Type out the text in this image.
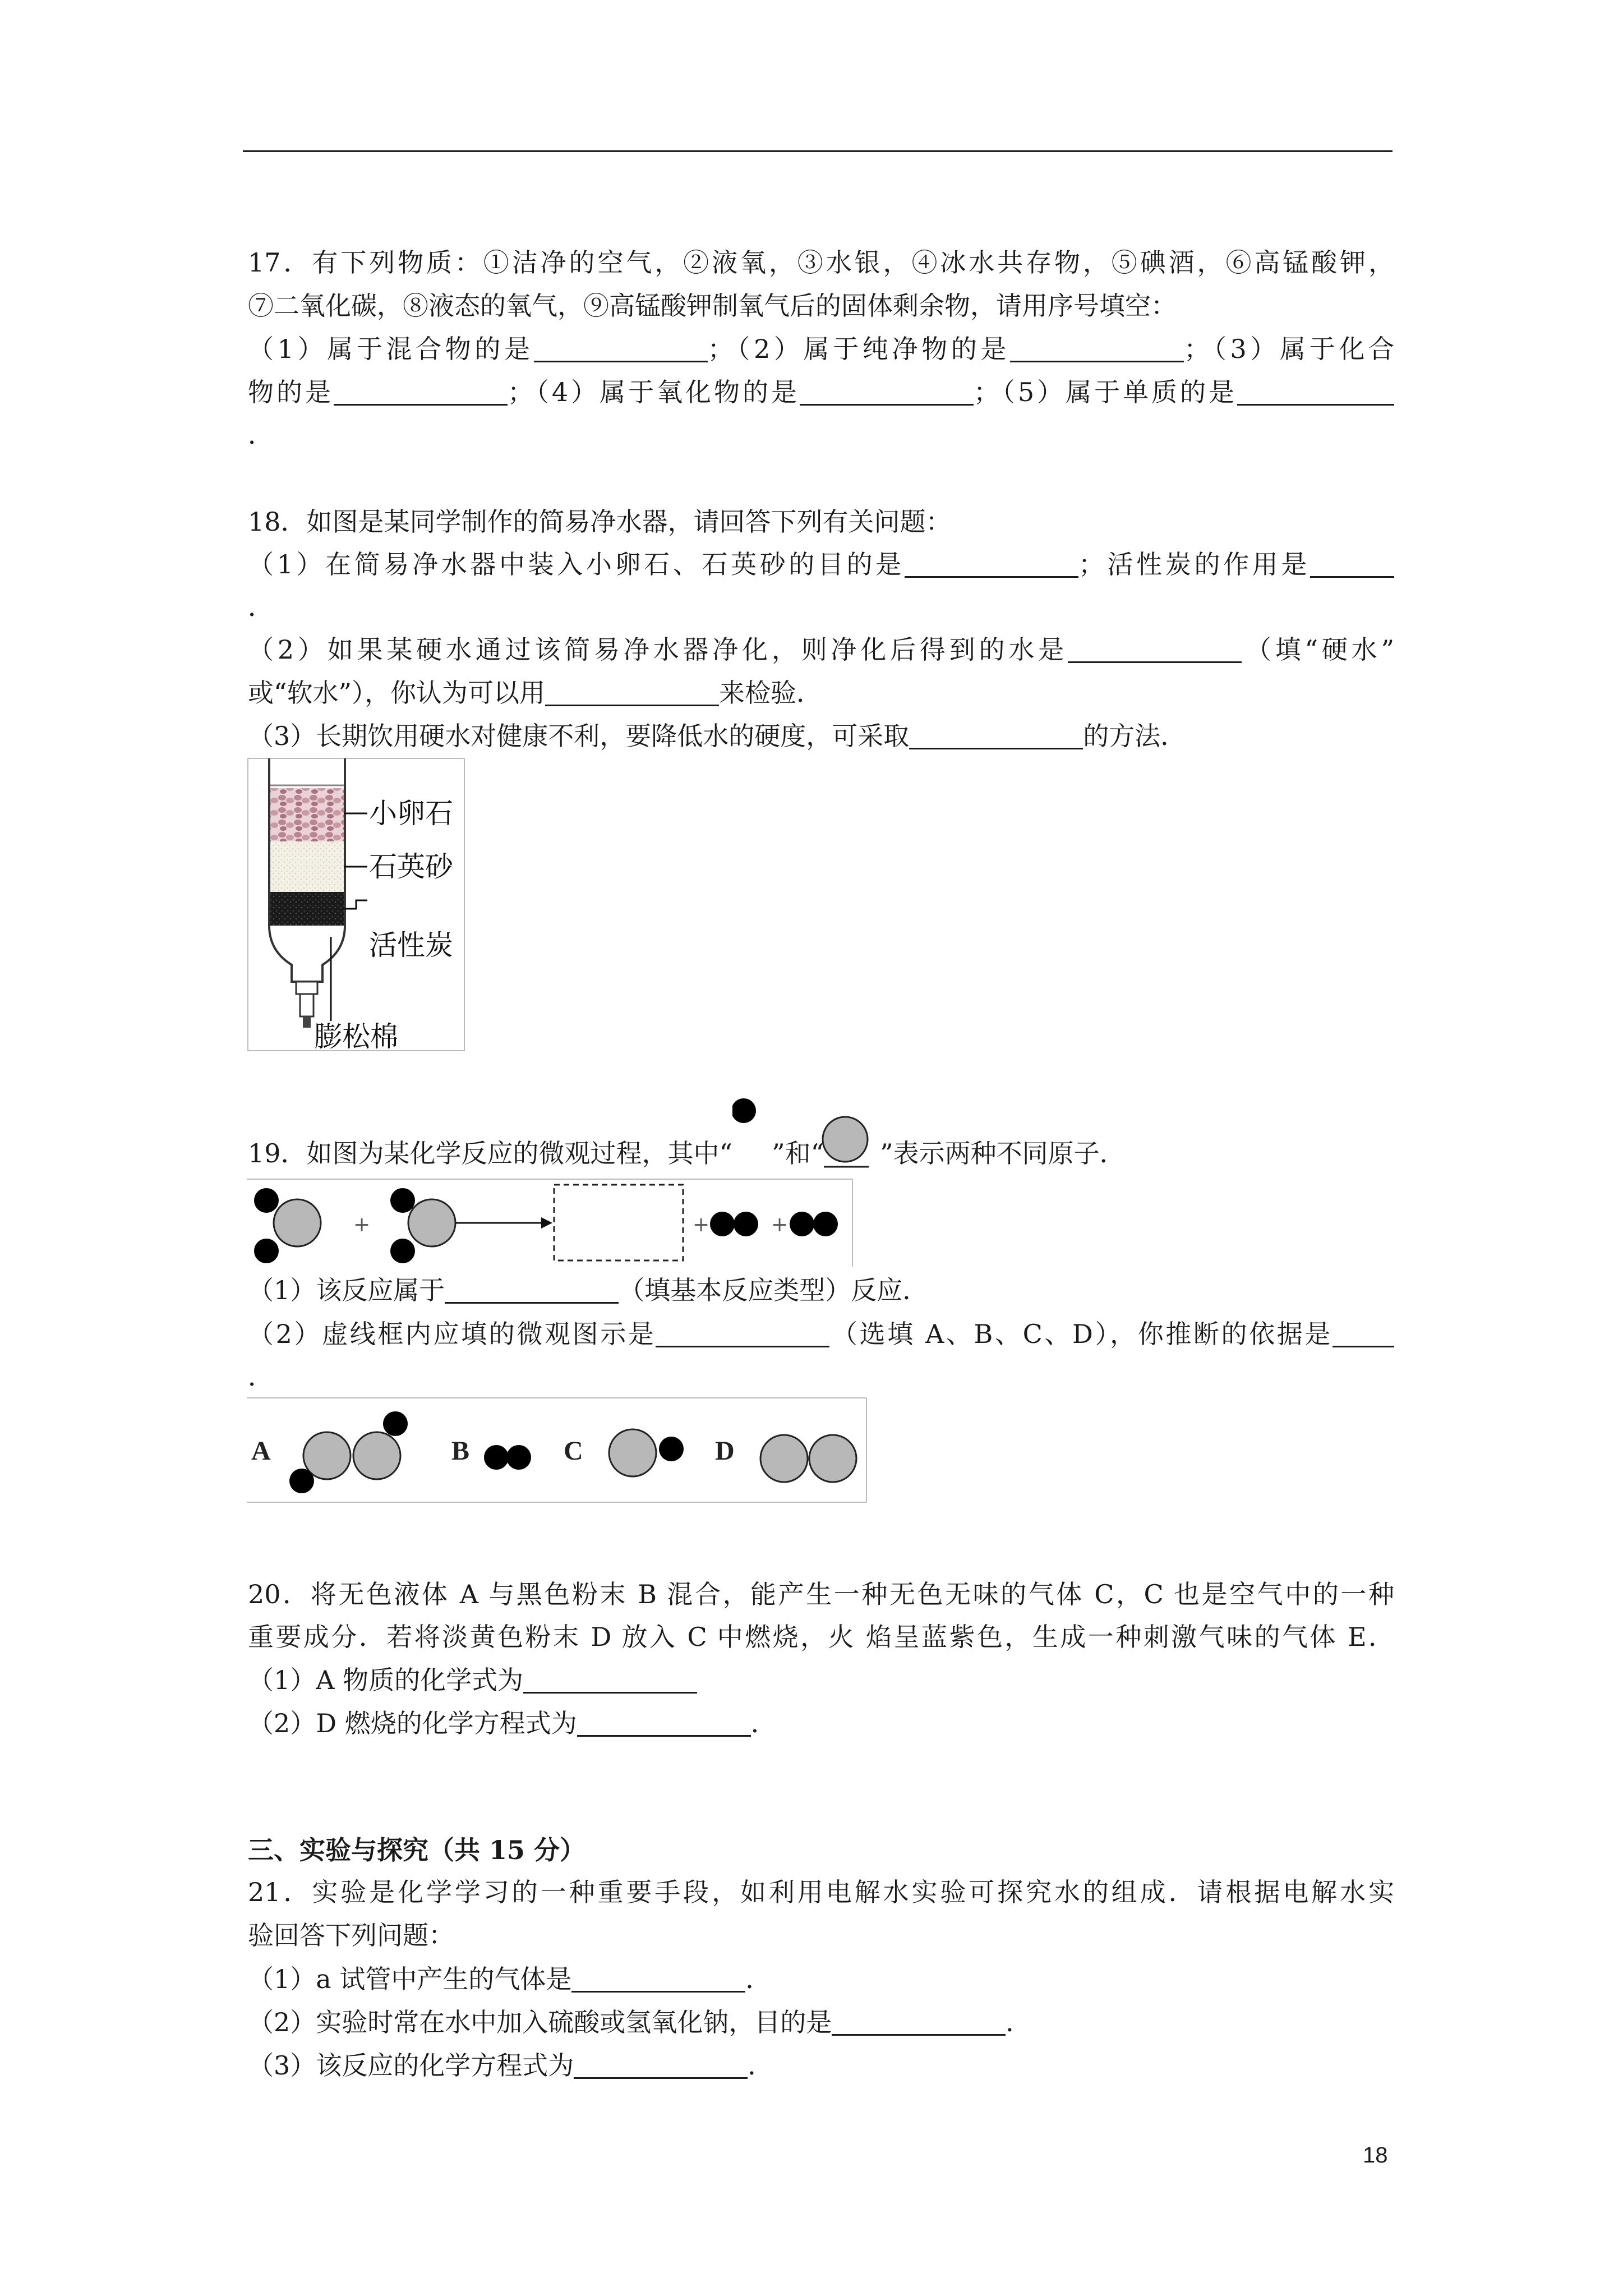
17．有下列物质：①洁净的空气，②液氧，③水银，④冰水共存物，⑤碘酒，⑥高锰酸钾，
⑦二氧化碳，⑧液态的氧气，⑨高锰酸钾制氧气后的固体剩余物，请用序号填空：
（1）属于混合物的是	；（2）属于纯净物的是	；（3）属于化合
物的是	；（4）属于氧化物的是	；（5）属于单质的是
．
18．如图是某同学制作的简易净水器，请回答下列有关问题：
（1）在简易净水器中装入小卵石、石英砂的目的是	；活性炭的作用是
．
（2）如果某硬水通过该简易净水器净化，则净化后得到的水是	（填“硬水”
或“软水”），你认为可以用	来检验．
（3）长期饮用硬水对健康不利，要降低水的硬度，可采取	的方法．
小卵石
石英砂
活性炭
膨松棉
19．如图为某化学反应的微观过程，其中“ ”和“ ”表示两种不同原子．
+	+	+
（1）该反应属于	（填基本反应类型）反应．
（2）虚线框内应填的微观图示是	（选填 A、B、C、D），你推断的依据是
．
A	B	C	D
20．将无色液体 A 与黑色粉末 B 混合，能产生一种无色无味的气体 C，C 也是空气中的一种
重要成分．若将淡黄色粉末 D 放入 C 中燃烧，火 焰呈蓝紫色，生成一种刺激气味的气体 E．
（1）A 物质的化学式为
（2）D 燃烧的化学方程式为	．
三、实验与探究（共 15 分）
21．实验是化学学习的一种重要手段，如利用电解水实验可探究水的组成．请根据电解水实
验回答下列问题：
（1）a 试管中产生的气体是	．
（2）实验时常在水中加入硫酸或氢氧化钠，目的是	．
（3）该反应的化学方程式为	．
18
